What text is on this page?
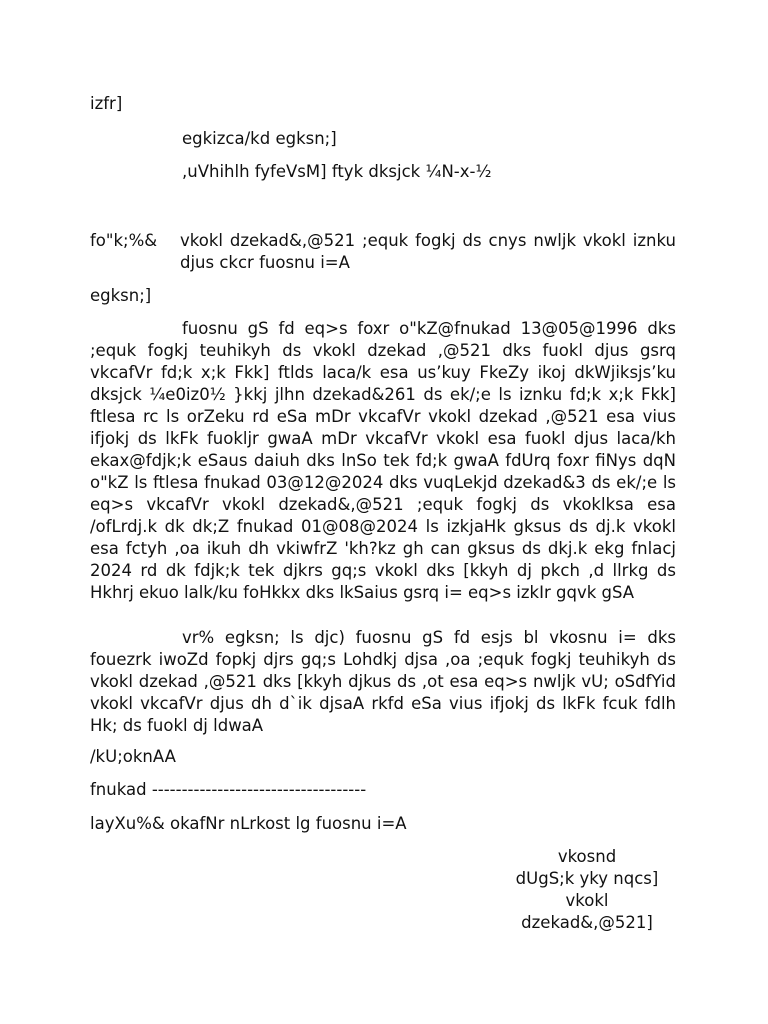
izfr]
egkizca/kd egksn;]
,uVhihlh fyfeVsM] ftyk dksjck ¼N-x-½
fo"k;%& vkokl dzekad&,@521 ;equk fogkj ds cnys nwljk vkokl iznku djus ckcr fuosnu i=A
egksn;]
fuosnu gS fd eq>s foxr o"kZ@fnukad 13@05@1996 dks ;equk fogkj teuhikyh ds vkokl dzekad ,@521 dks fuokl djus gsrq vkcafVr fd;k x;k Fkk] ftlds laca/k esa us’kuy FkeZy ikoj dkWjiksjs’ku dksjck ¼e0iz0½ }kkj jlhn dzekad&261 ds ek/;e ls iznku fd;k x;k Fkk] ftlesa rc ls orZeku rd eSa mDr vkcafVr vkokl dzekad ,@521 esa vius ifjokj ds lkFk fuokljr gwaA mDr vkcafVr vkokl esa fuokl djus laca/kh ekax@fdjk;k eSaus daiuh dks lnSo tek fd;k gwaA fdUrq foxr fiNys dqN o"kZ ls ftlesa fnukad 03@12@2024 dks vuqLekjd dzekad&3 ds ek/;e ls eq>s vkcafVr vkokl dzekad&,@521 ;equk fogkj ds vkoklksa esa /ofLrdj.k dk dk;Z fnukad 01@08@2024 ls izkjaHk gksus ds dj.k vkokl esa fctyh ,oa ikuh dh vkiwfrZ 'kh?kz gh can gksus ds dkj.k ekg fnlacj 2024 rd dk fdjk;k tek djkrs gq;s vkokl dks [kkyh dj pkch ,d llrkg ds Hkhrj ekuo lalk/ku foHkkx dks lkSaius gsrq i= eq>s izkIr gqvk gSA
vr% egksn; ls djc) fuosnu gS fd esjs bl vkosnu i= dks fouezrk iwoZd fopkj djrs gq;s Lohdkj djsa ,oa ;equk fogkj teuhikyh ds vkokl dzekad ,@521 dks [kkyh djkus ds ,ot esa eq>s nwljk vU; oSdfYid vkokl vkcafVr djus dh d`ik djsaA rkfd eSa vius ifjokj ds lkFk fcuk fdlh Hk; ds fuokl dj ldwaA
/kU;oknAA
fnukad ------------------------------------
layXu%& okafNr nLrkost lg fuosnu i=A
vkosnd
dUgS;k yky nqcs]
vkokl
dzekad&,@521]
